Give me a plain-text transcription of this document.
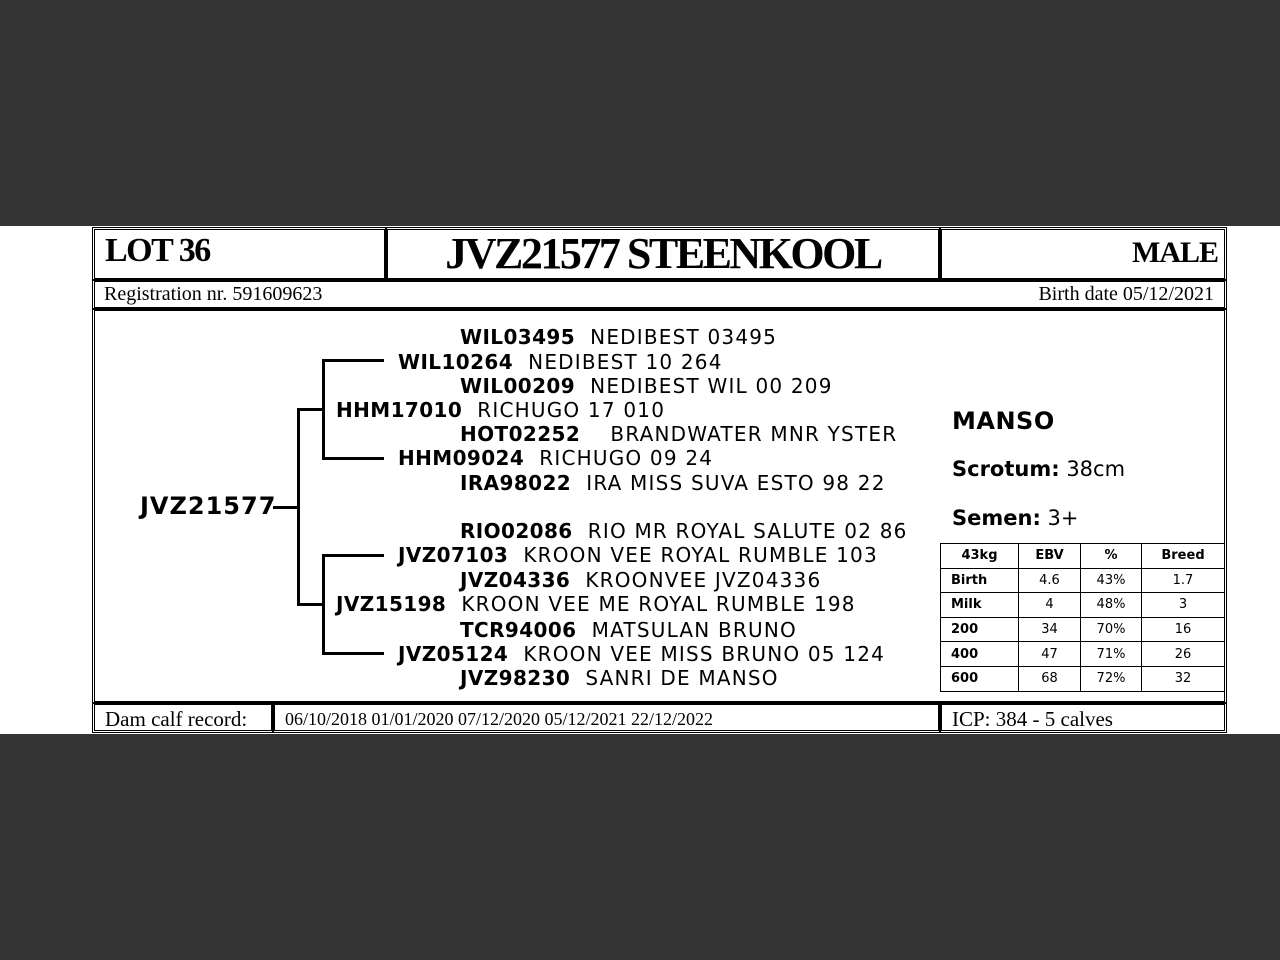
LOT 36	JVZ21577 STEENKOOL	MALE
Registration nr. 591609623	Birth date 05/12/2021
JVZ21577
WIL03495 NEDIBEST 03495
WIL10264 NEDIBEST 10 264
WIL00209 NEDIBEST WIL 00 209
HHM17010 RICHUGO 17 010
HOT02252 BRANDWATER MNR YSTER
HHM09024 RICHUGO 09 24
IRA98022 IRA MISS SUVA ESTO 98 22
RIO02086 RIO MR ROYAL SALUTE 02 86
JVZ07103 KROON VEE ROYAL RUMBLE 103
JVZ04336 KROONVEE JVZ04336
JVZ15198 KROON VEE ME ROYAL RUMBLE 198
TCR94006 MATSULAN BRUNO
JVZ05124 KROON VEE MISS BRUNO 05 124
JVZ98230 SANRI DE MANSO
MANSO
Scrotum: 38cm
Semen: 3+
43kg	EBV	%	Breed
Birth	4.6	43%	1.7
Milk	4	48%	3
200	34	70%	16
400	47	71%	26
600	68	72%	32
Dam calf record: 06/10/2018 01/01/2020 07/12/2020 05/12/2021 22/12/2022	ICP: 384 - 5 calves
